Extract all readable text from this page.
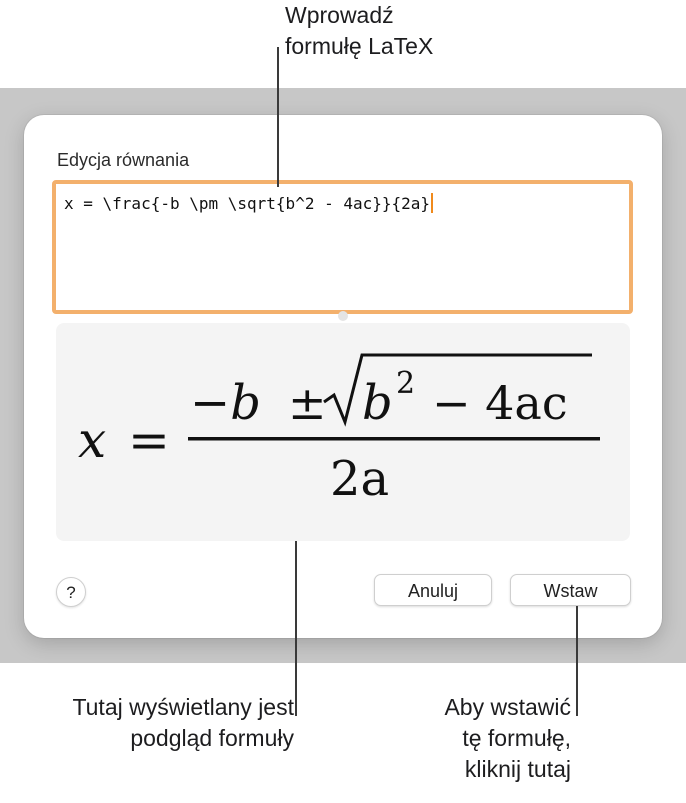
Edycja równania
x = \frac{-b \pm \sqrt{b^2 - 4ac}}{2a}
x =
−b ± b 2 − 4ac
2a
?	Anuluj	Wstaw
Wprowadź
formułę LaTeX
Tutaj wyświetlany jest
podgląd formuły
Aby wstawić
tę formułę,
kliknij tutaj
